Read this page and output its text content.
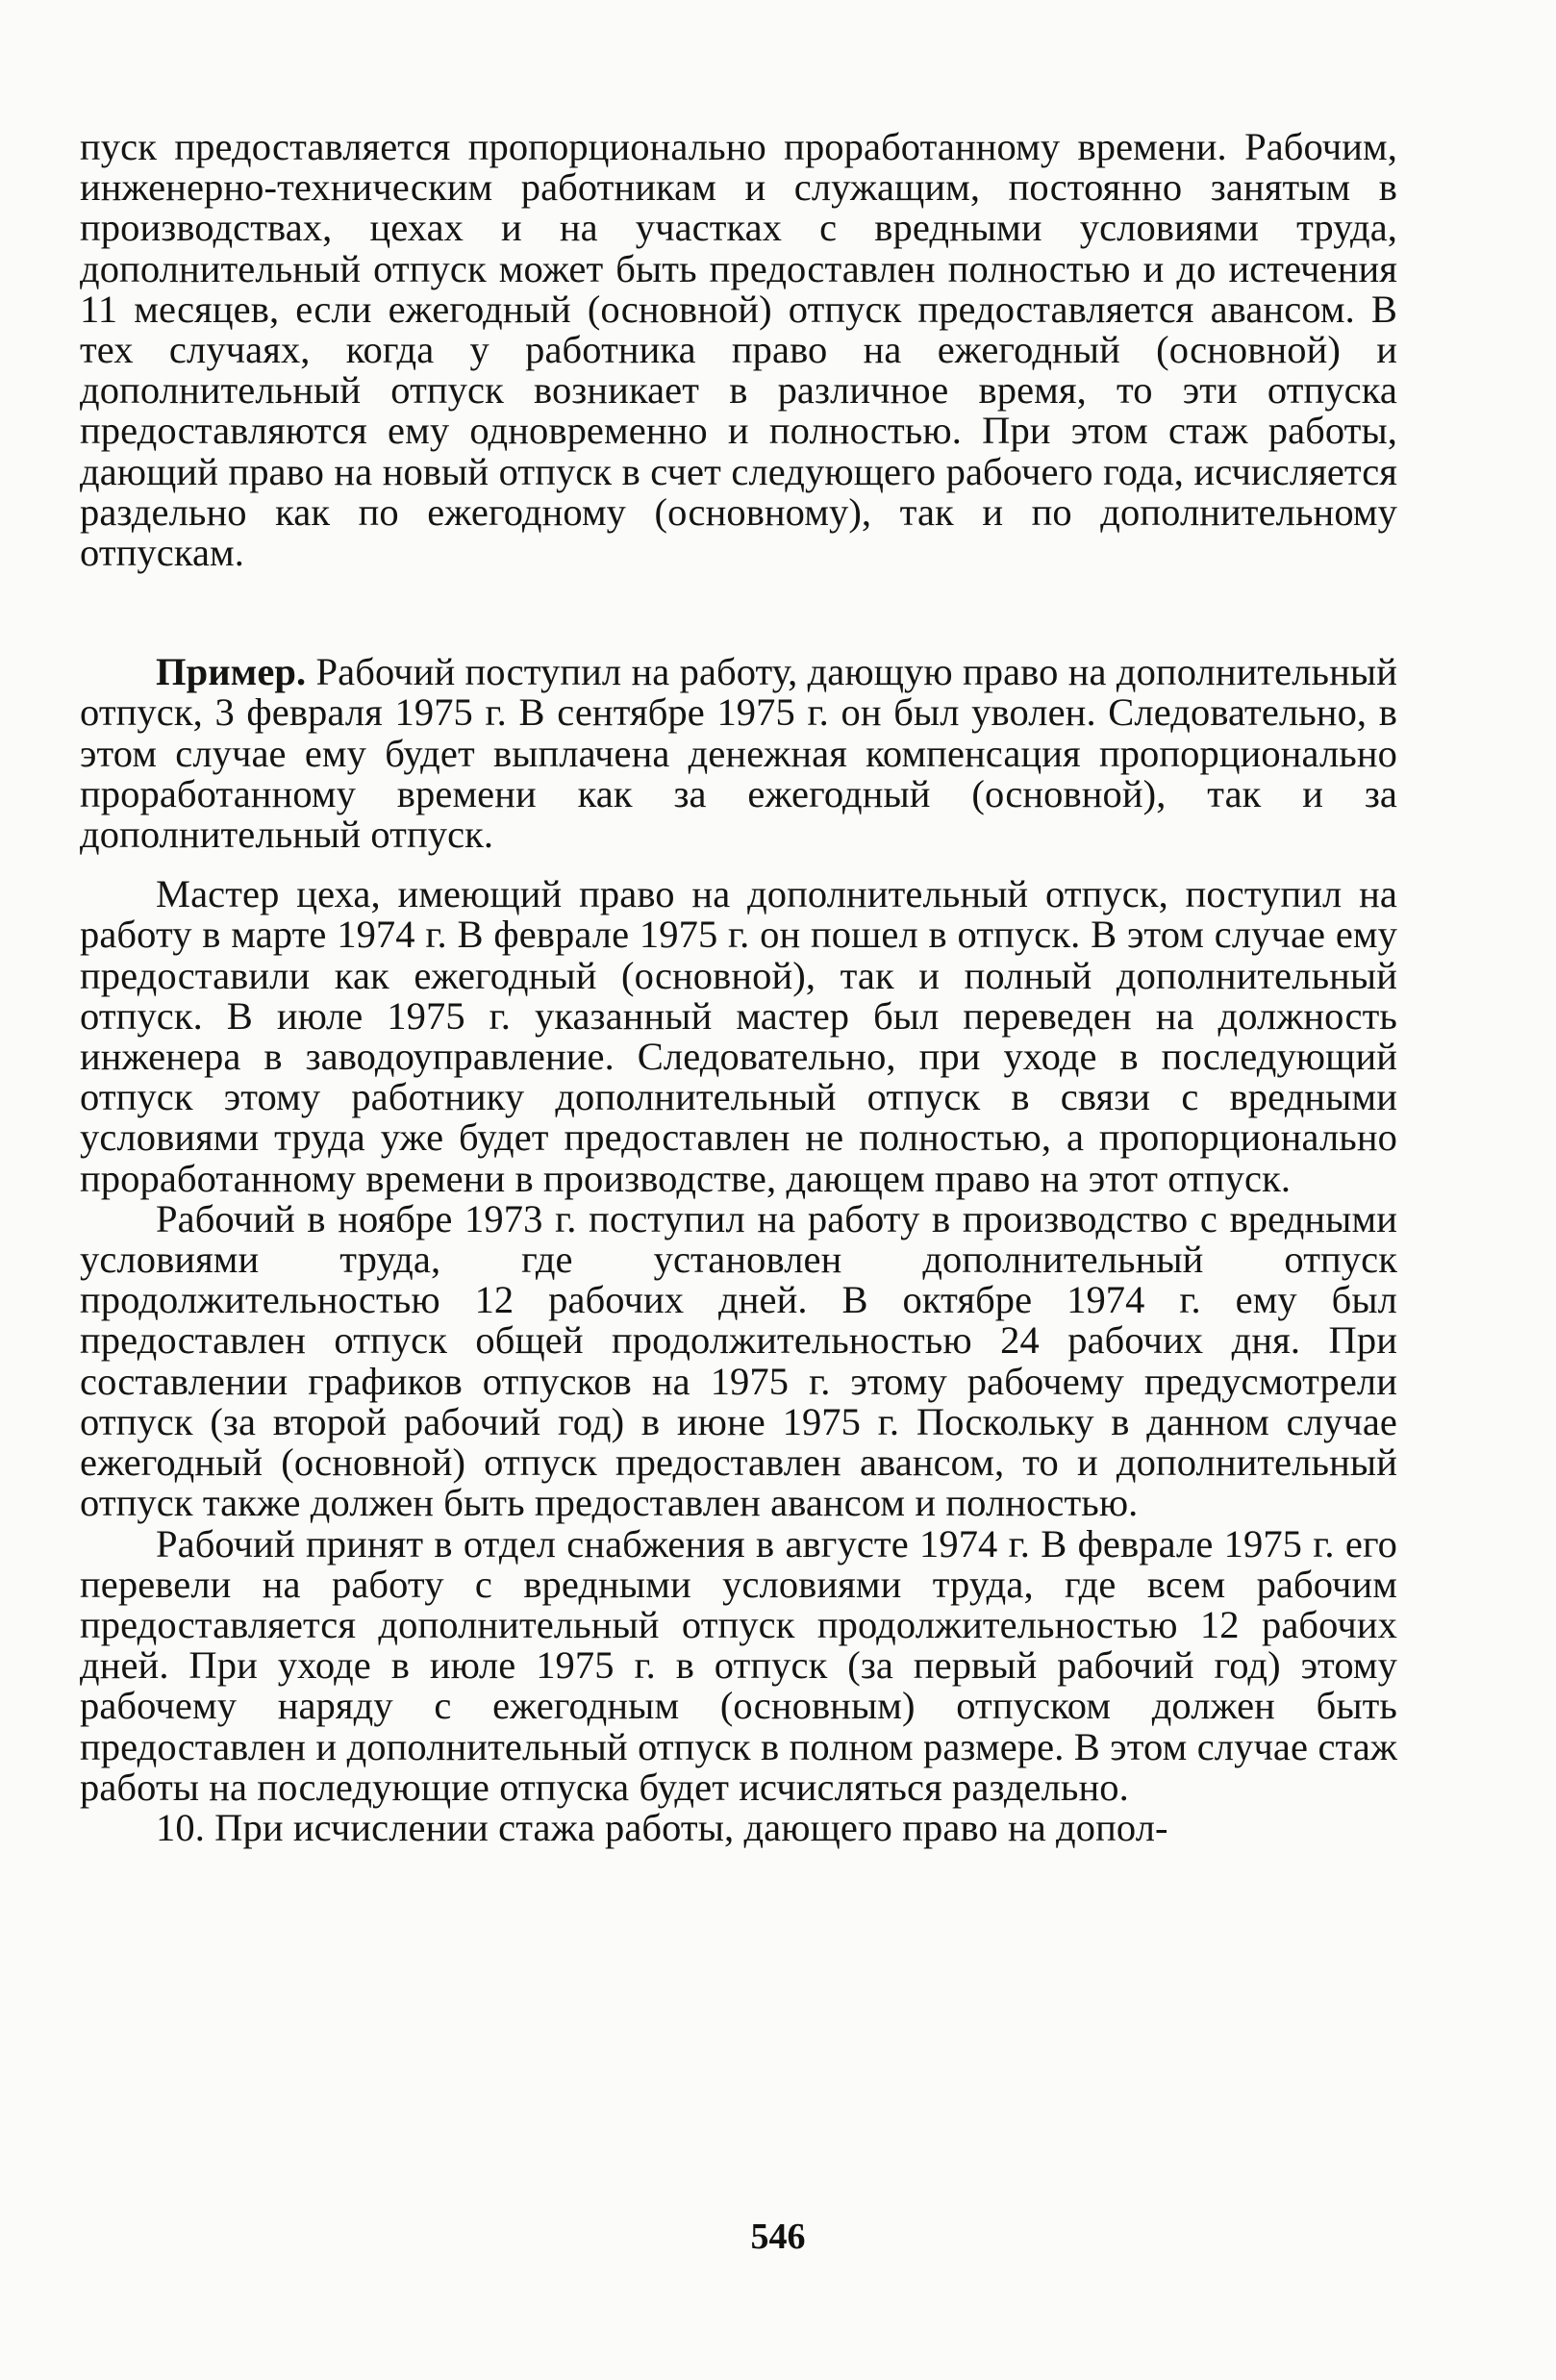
пуск предоставляется пропорционально проработанному времени. Рабочим, инженерно-техническим работникам и служащим, постоянно занятым в производствах, цехах и на участках с вредными условиями труда, дополнительный отпуск может быть предоставлен полностью и до истечения 11 месяцев, если ежегодный (основной) отпуск предоставляется авансом. В тех случаях, когда у работника право на ежегодный (основной) и дополнительный отпуск возникает в различное время, то эти отпуска предоставляются ему одновременно и полностью. При этом стаж работы, дающий право на новый отпуск в счет следующего рабочего года, исчисляется раздельно как по ежегодному (основному), так и по дополнительному отпускам.

Пример. Рабочий поступил на работу, дающую право на дополнительный отпуск, 3 февраля 1975 г. В сентябре 1975 г. он был уволен. Следовательно, в этом случае ему будет выплачена денежная компенсация пропорционально проработанному времени как за ежегодный (основной), так и за дополнительный отпуск.

Мастер цеха, имеющий право на дополнительный отпуск, поступил на работу в марте 1974 г. В феврале 1975 г. он пошел в отпуск. В этом случае ему предоставили как ежегодный (основной), так и полный дополнительный отпуск. В июле 1975 г. указанный мастер был переведен на должность инженера в заводоуправление. Следовательно, при уходе в последующий отпуск этому работнику дополнительный отпуск в связи с вредными условиями труда уже будет предоставлен не полностью, а пропорционально проработанному времени в производстве, дающем право на этот отпуск.

Рабочий в ноябре 1973 г. поступил на работу в производство с вредными условиями труда, где установлен дополнительный отпуск продолжительностью 12 рабочих дней. В октябре 1974 г. ему был предоставлен отпуск общей продолжительностью 24 рабочих дня. При составлении графиков отпусков на 1975 г. этому рабочему предусмотрели отпуск (за второй рабочий год) в июне 1975 г. Поскольку в данном случае ежегодный (основной) отпуск предоставлен авансом, то и дополнительный отпуск также должен быть предоставлен авансом и полностью.

Рабочий принят в отдел снабжения в августе 1974 г. В феврале 1975 г. его перевели на работу с вредными условиями труда, где всем рабочим предоставляется дополнительный отпуск продолжительностью 12 рабочих дней. При уходе в июле 1975 г. в отпуск (за первый рабочий год) этому рабочему наряду с ежегодным (основным) отпуском должен быть предоставлен и дополнительный отпуск в полном размере. В этом случае стаж работы на последующие отпуска будет исчисляться раздельно.

10. При исчислении стажа работы, дающего право на допол-

546
